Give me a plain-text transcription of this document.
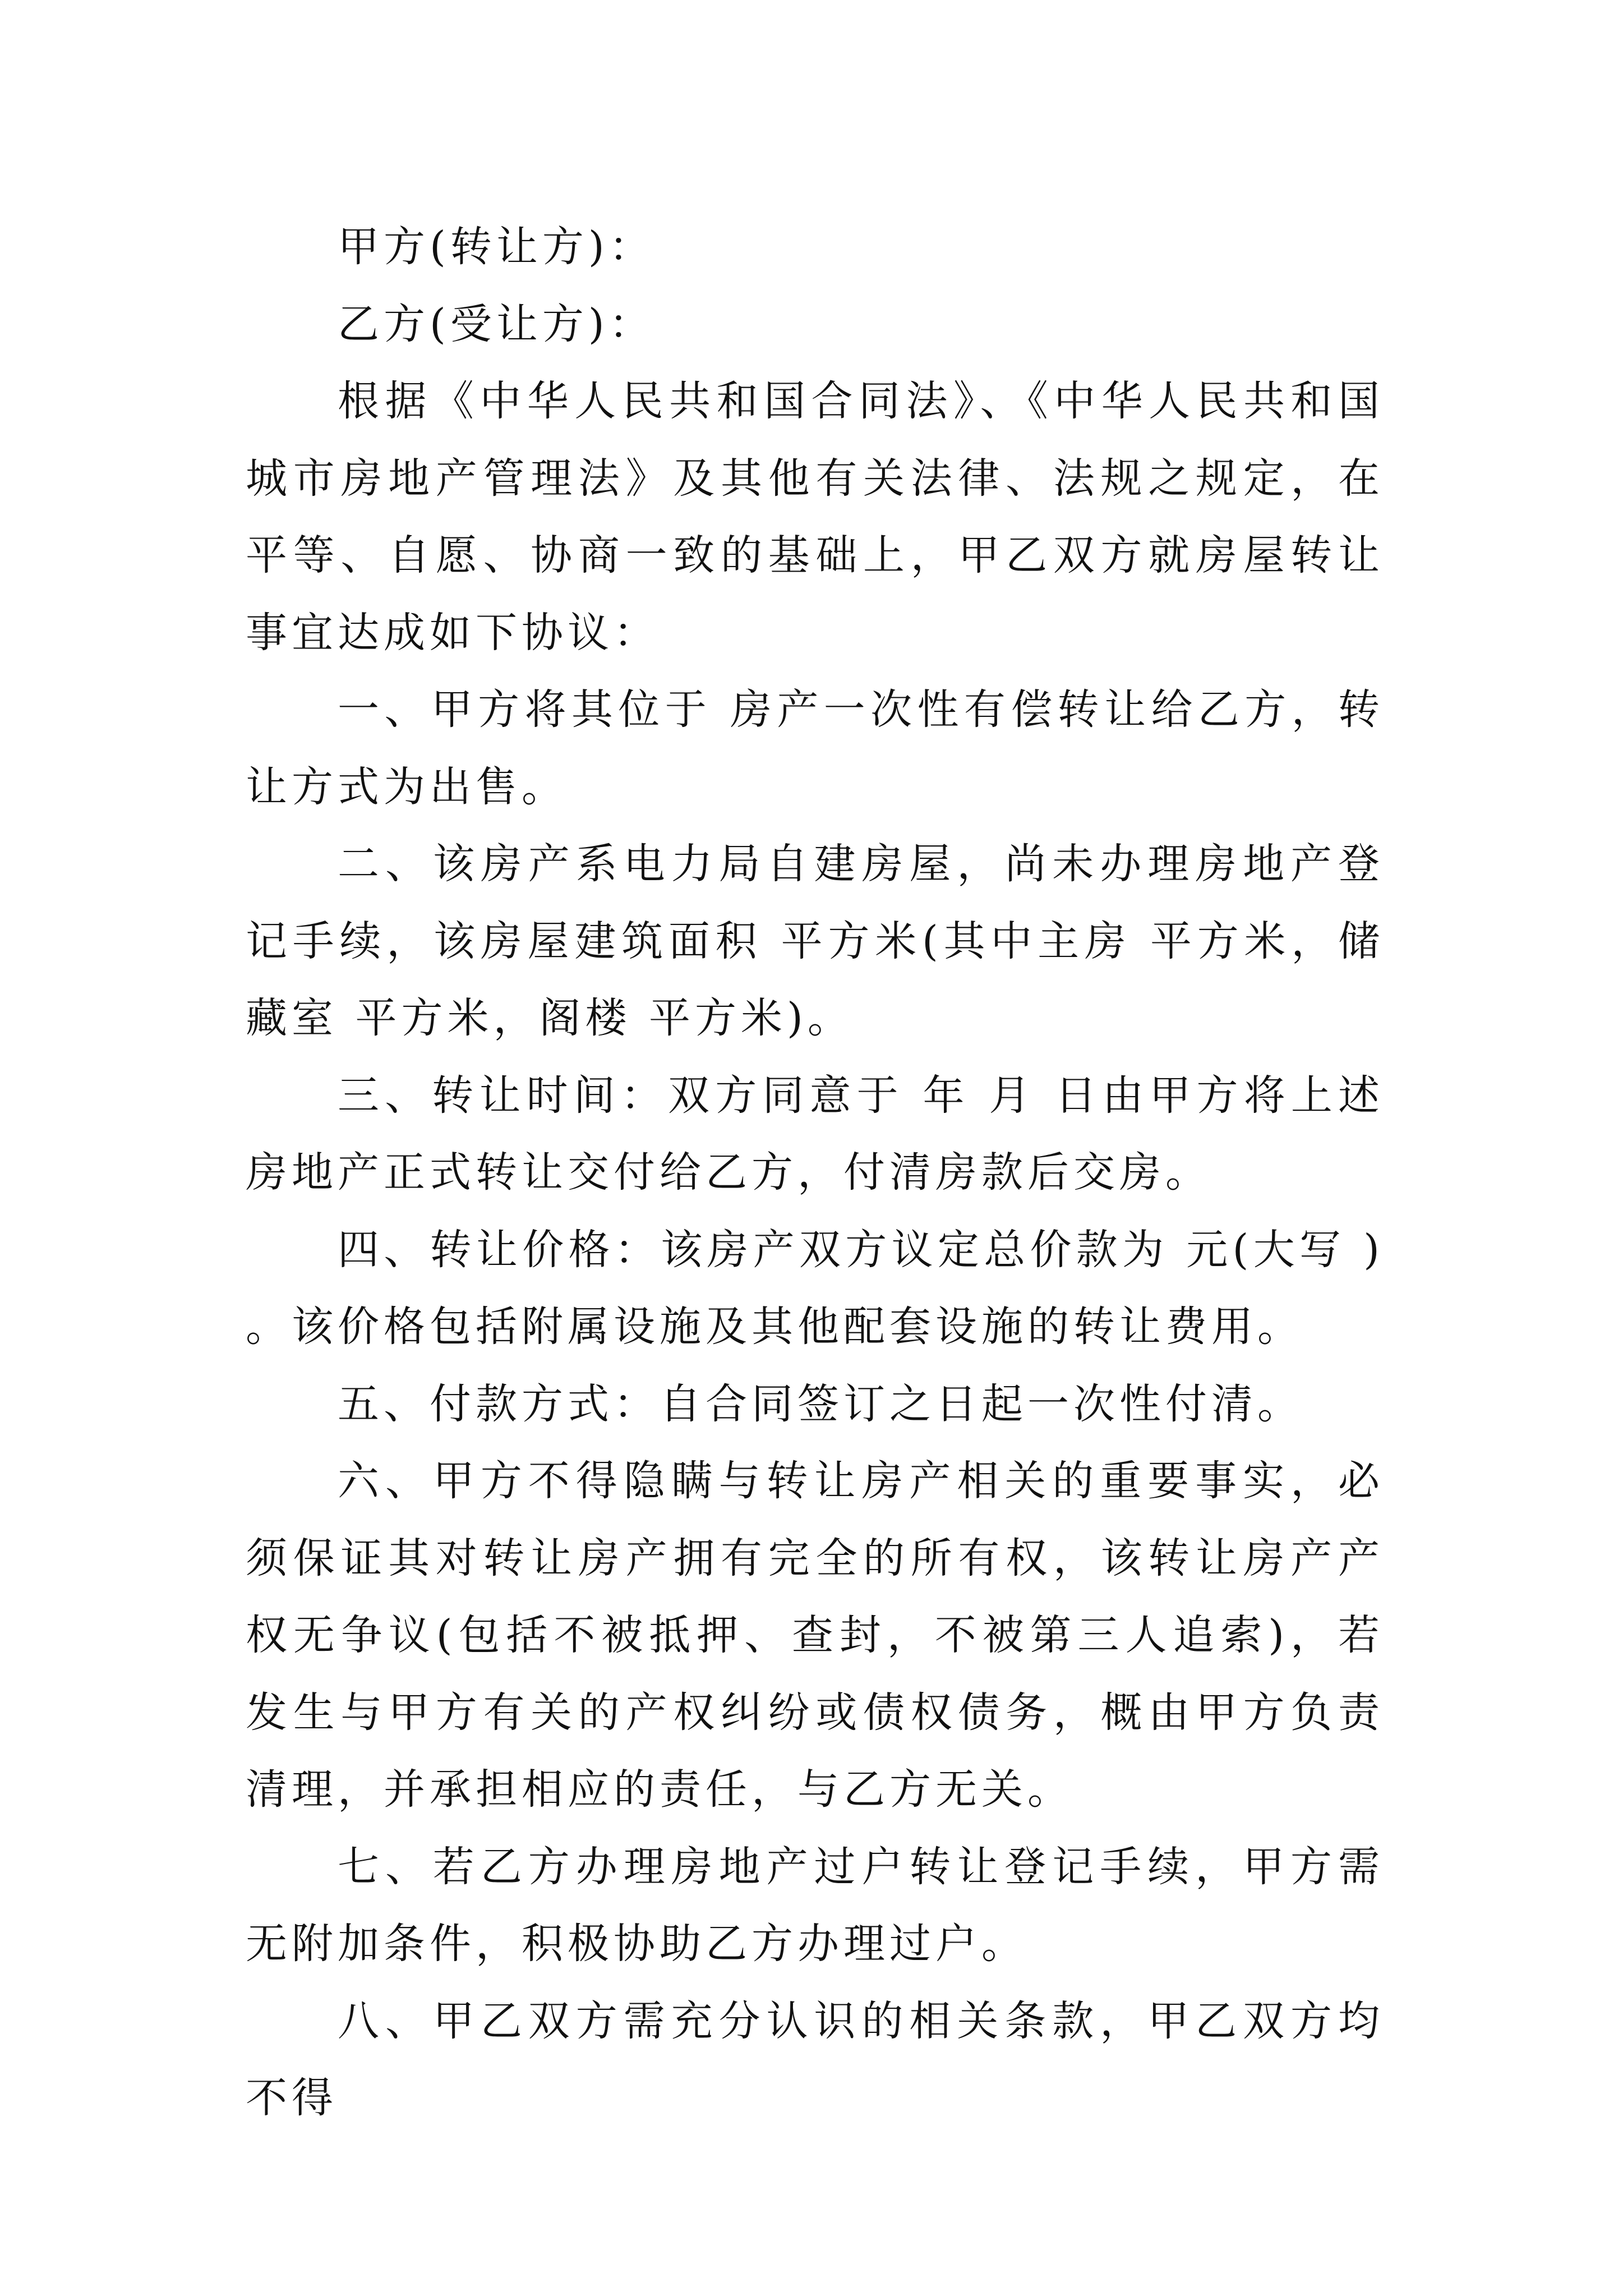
甲方(转让方)：

乙方(受让方)：

根据《中华人民共和国合同法》、《中华人民共和国城市房地产管理法》及其他有关法律、法规之规定，在平等、自愿、协商一致的基础上，甲乙双方就房屋转让事宜达成如下协议：

一、甲方将其位于 房产一次性有偿转让给乙方，转让方式为出售。

二、该房产系电力局自建房屋，尚未办理房地产登记手续，该房屋建筑面积 平方米(其中主房 平方米，储藏室 平方米，阁楼 平方米)。

三、转让时间：双方同意于 年 月 日由甲方将上述房地产正式转让交付给乙方，付清房款后交房。

四、转让价格：该房产双方议定总价款为 元(大写 ) 。该价格包括附属设施及其他配套设施的转让费用。

五、付款方式：自合同签订之日起一次性付清。

六、甲方不得隐瞒与转让房产相关的重要事实，必须保证其对转让房产拥有完全的所有权，该转让房产产权无争议(包括不被抵押、查封，不被第三人追索)，若发生与甲方有关的产权纠纷或债权债务，概由甲方负责清理，并承担相应的责任，与乙方无关。

七、若乙方办理房地产过户转让登记手续，甲方需无附加条件，积极协助乙方办理过户。

八、甲乙双方需充分认识的相关条款，甲乙双方均不得
